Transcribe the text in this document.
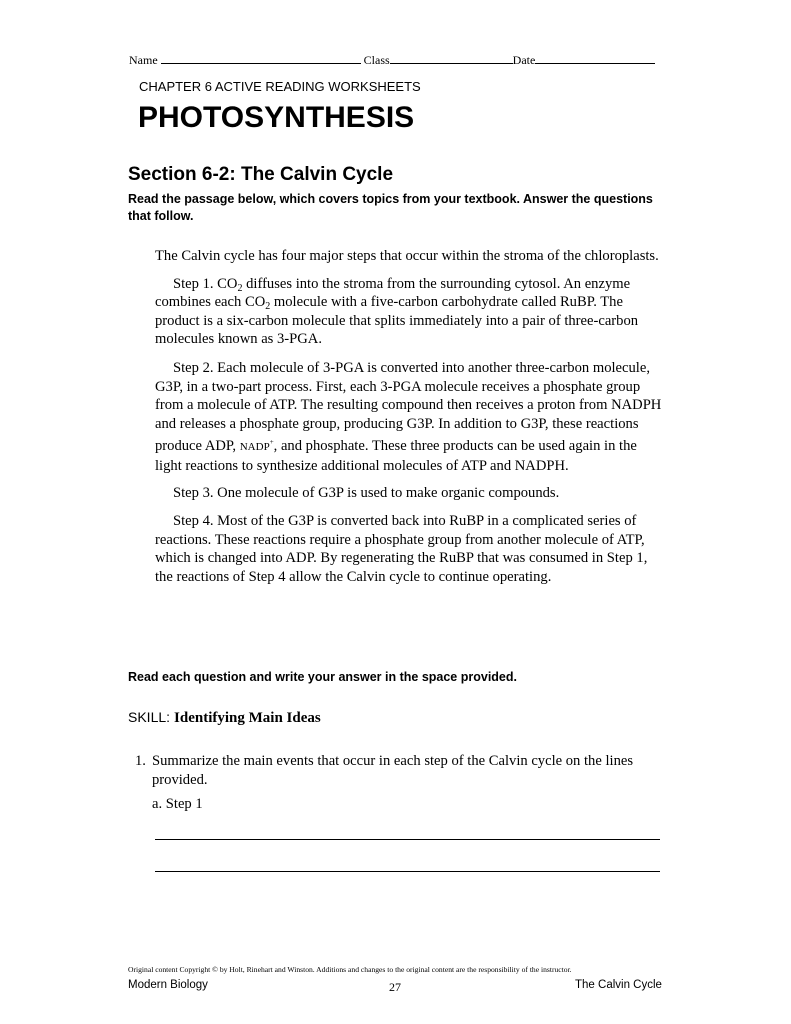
Name	Class	Date
CHAPTER 6 ACTIVE READING WORKSHEETS
PHOTOSYNTHESIS
Section 6-2: The Calvin Cycle
Read the passage below, which covers topics from your textbook. Answer the questions that follow.

The Calvin cycle has four major steps that occur within the stroma of the chloroplasts.

Step 1. $CO_2$ diffuses into the stroma from the surrounding cytosol. An enzyme combines each $CO_2$ molecule with a five-carbon carbohydrate called RuBP. The product is a six-carbon molecule that splits immediately into a pair of three-carbon molecules known as 3-PGA.

Step 2. Each molecule of 3-PGA is converted into another three-carbon molecule, G3P, in a two-part process. First, each 3-PGA molecule receives a phosphate group from a molecule of ATP. The resulting compound then receives a proton from NADPH and releases a phosphate group, producing G3P. In addition to G3P, these reactions produce ADP, NADP+, and phosphate. These three products can be used again in the light reactions to synthesize additional molecules of ATP and NADPH.

Step 3. One molecule of G3P is used to make organic compounds.

Step 4. Most of the G3P is converted back into RuBP in a complicated series of reactions. These reactions require a phosphate group from another molecule of ATP, which is changed into ADP. By regenerating the RuBP that was consumed in Step 1, the reactions of Step 4 allow the Calvin cycle to continue operating.

Read each question and write your answer in the space provided.
SKILL: Identifying Main Ideas
1. Summarize the main events that occur in each step of the Calvin cycle on the lines provided.
a. Step 1
Original content Copyright © by Holt, Rinehart and Winston. Additions and changes to the original content are the responsibility of the instructor.
Modern Biology	27	The Calvin Cycle
